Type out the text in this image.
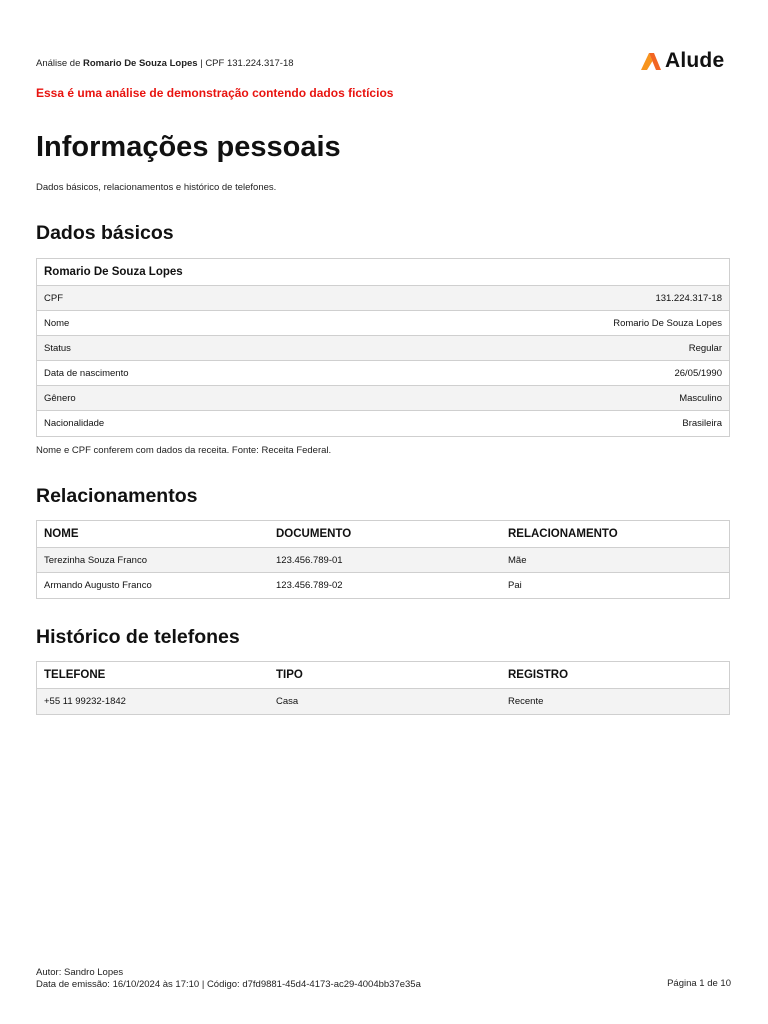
Análise de Romario De Souza Lopes | CPF 131.224.317-18	Alude
Essa é uma análise de demonstração contendo dados fictícios
Informações pessoais
Dados básicos, relacionamentos e histórico de telefones.
Dados básicos
Romario De Souza Lopes
CPF	131.224.317-18
Nome	Romario De Souza Lopes
Status	Regular
Data de nascimento	26/05/1990
Gênero	Masculino
Nacionalidade	Brasileira
Nome e CPF conferem com dados da receita. Fonte: Receita Federal.
Relacionamentos
NOME	DOCUMENTO	RELACIONAMENTO
Terezinha Souza Franco	123.456.789-01	Mãe
Armando Augusto Franco	123.456.789-02	Pai
Histórico de telefones
TELEFONE	TIPO	REGISTRO
+55 11 99232-1842	Casa	Recente
Autor: Sandro Lopes
Data de emissão: 16/10/2024 às 17:10 | Código: d7fd9881-45d4-4173-ac29-4004bb37e35a	Página 1 de 10
